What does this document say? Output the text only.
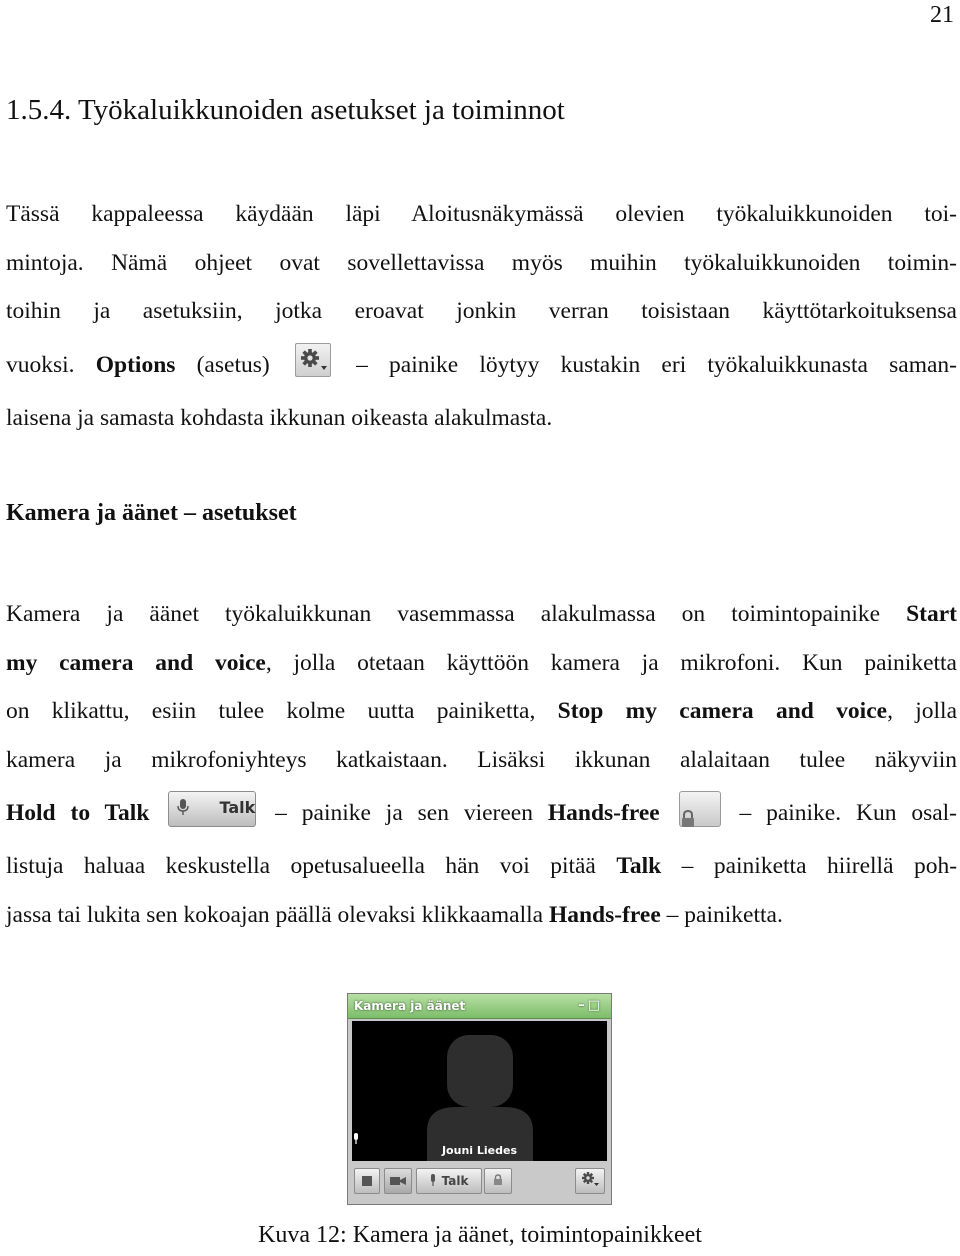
21
1.5.4. Työkaluikkunoiden asetukset ja toiminnot
Tässä kappaleessa käydään läpi Aloitusnäkymässä olevien työkaluikkunoiden toi-
mintoja. Nämä ohjeet ovat sovellettavissa myös muihin työkaluikkunoiden toimin-
toihin ja asetuksiin, jotka eroavat jonkin verran toisistaan käyttötarkoituksensa
vuoksi. Options (asetus)	– painike löytyy kustakin eri työkaluikkunasta saman-
laisena ja samasta kohdasta ikkunan oikeasta alakulmasta.
Kamera ja äänet – asetukset
Kamera ja äänet työkaluikkunan vasemmassa alakulmassa on toimintopainike Start
my camera and voice, jolla otetaan käyttöön kamera ja mikrofoni. Kun painiketta
on klikattu, esiin tulee kolme uutta painiketta, Stop my camera and voice, jolla
kamera ja mikrofoniyhteys katkaistaan. Lisäksi ikkunan alalaitaan tulee näkyviin
Hold to Talk	Talk – painike ja sen viereen Hands-free	– painike. Kun osal-
listuja haluaa keskustella opetusalueella hän voi pitää Talk – painiketta hiirellä poh-
jassa tai lukita sen kokoajan päällä olevaksi klikkaamalla Hands-free – painiketta.
Kamera ja äänet	–□
Jouni Liedes
Talk

Kuva 12: Kamera ja äänet, toimintopainikkeet
